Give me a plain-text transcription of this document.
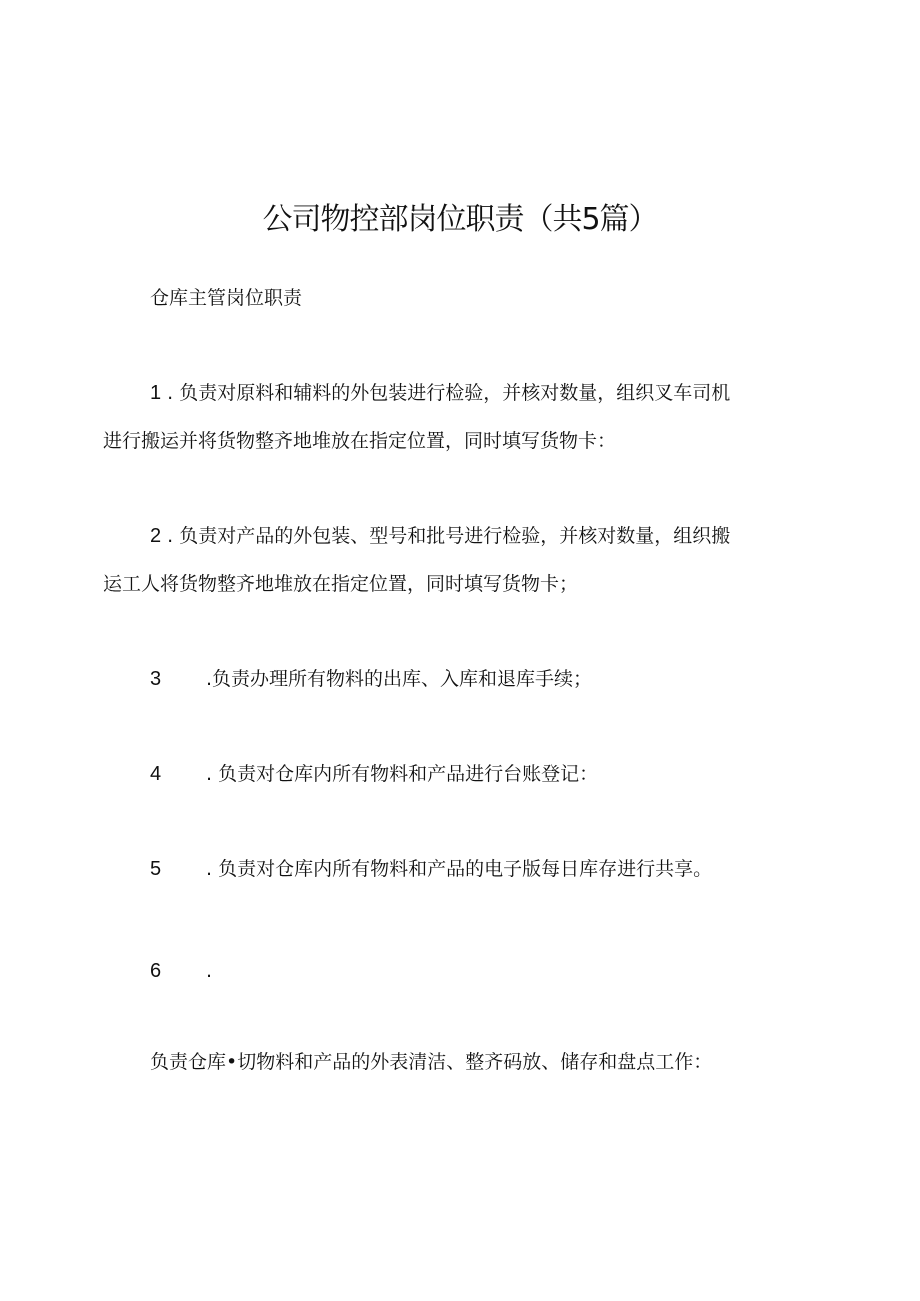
公司物控部岗位职责（共5篇）
仓库主管岗位职责
1 . 负责对原料和辅料的外包装进行检验，并核对数量，组织叉车司机
进行搬运并将货物整齐地堆放在指定位置，同时填写货物卡：
2 . 负责对产品的外包装、型号和批号进行检验，并核对数量，组织搬
运工人将货物整齐地堆放在指定位置，同时填写货物卡；
3 .负责办理所有物料的出库、入库和退库手续；
4 . 负责对仓库内所有物料和产品进行台账登记：
5 . 负责对仓库内所有物料和产品的电子版每日库存进行共享。
6 .
负责仓库•切物料和产品的外表清洁、整齐码放、储存和盘点工作：
